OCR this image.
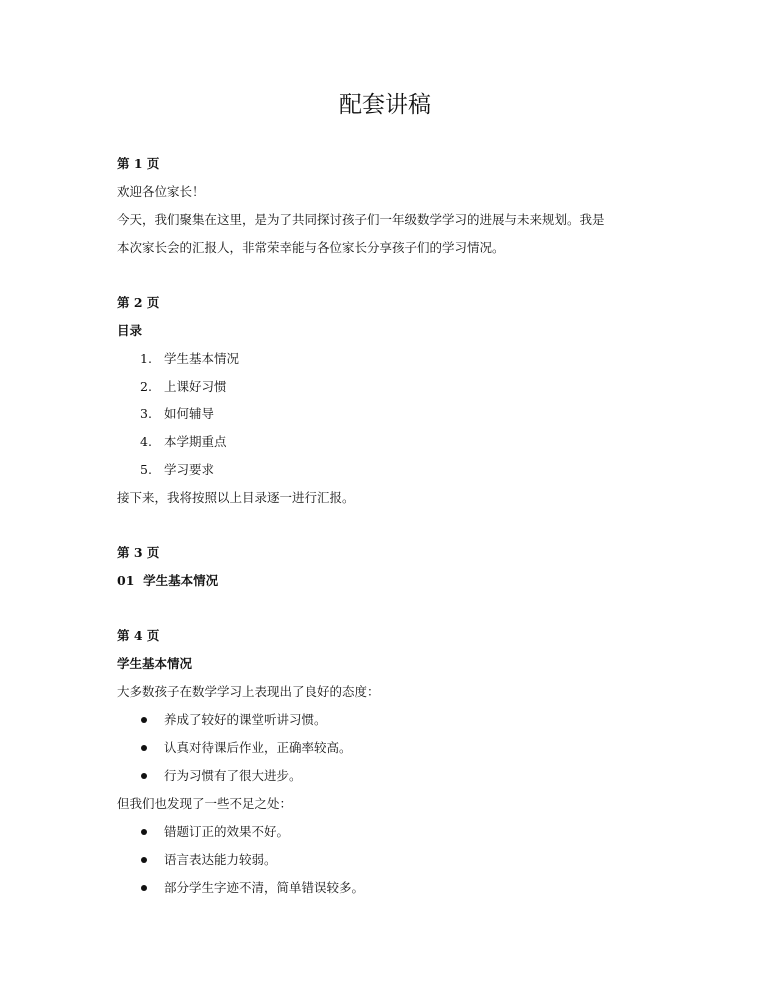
配套讲稿

第 1 页

欢迎各位家长！

今天，我们聚集在这里，是为了共同探讨孩子们一年级数学学习的进展与未来规划。我是

本次家长会的汇报人，非常荣幸能与各位家长分享孩子们的学习情况。

第 2 页

目录

1. 学生基本情况
2. 上课好习惯
3. 如何辅导
4. 本学期重点
5. 学习要求

接下来，我将按照以上目录逐一进行汇报。

第 3 页

01  学生基本情况

第 4 页

学生基本情况

大多数孩子在数学学习上表现出了良好的态度：

养成了较好的课堂听讲习惯。
认真对待课后作业，正确率较高。
行为习惯有了很大进步。

但我们也发现了一些不足之处：

错题订正的效果不好。
语言表达能力较弱。
部分学生字迹不清，简单错误较多。
